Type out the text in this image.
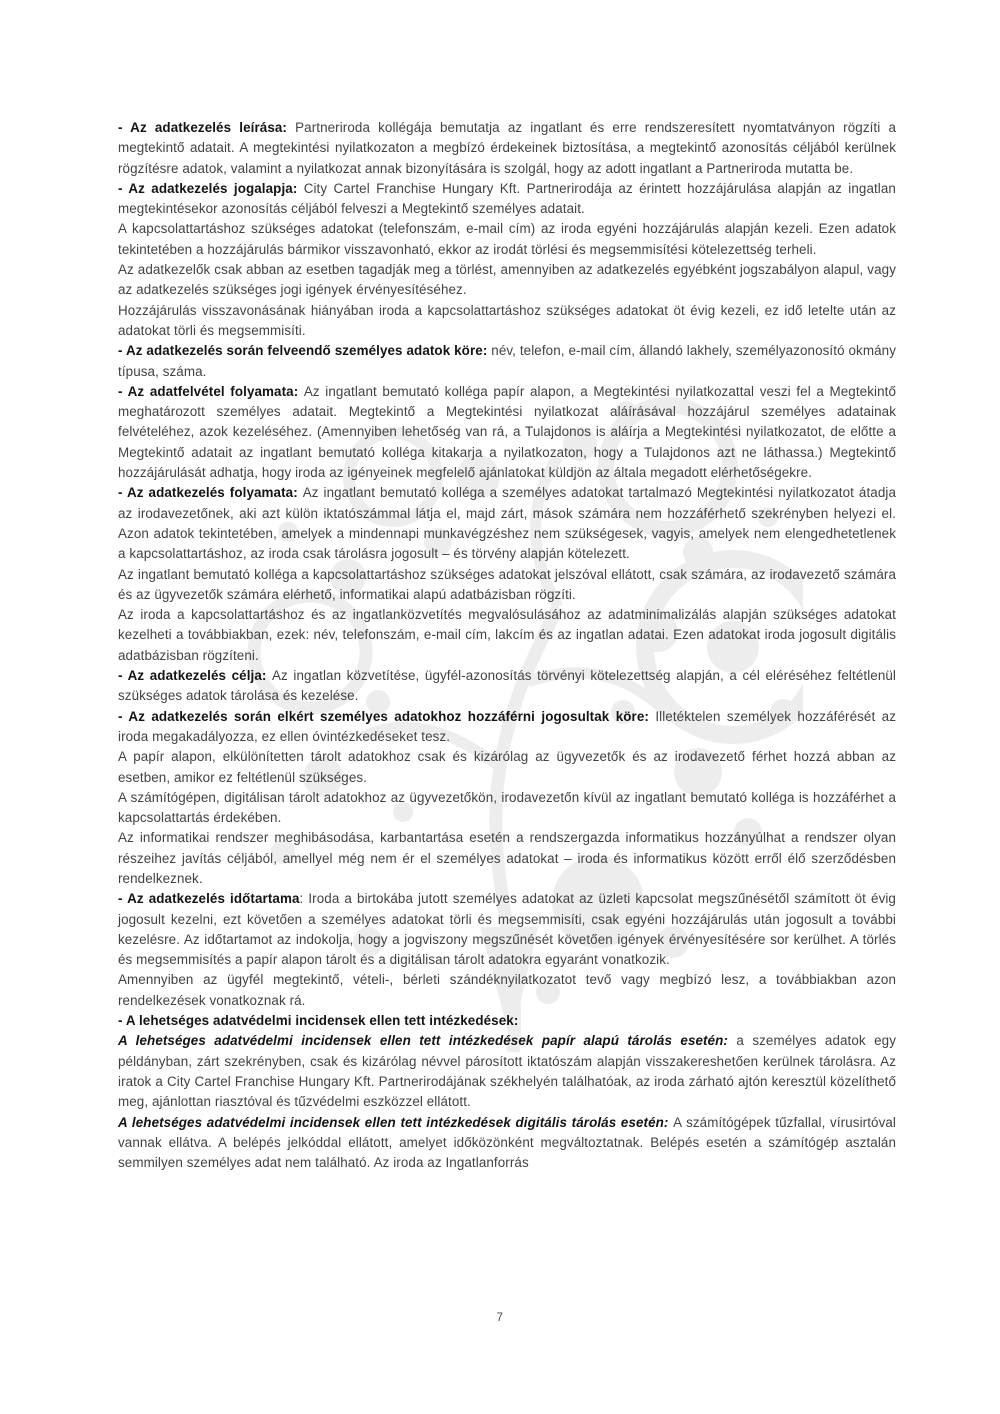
- Az adatkezelés leírása: Partneriroda kollégája bemutatja az ingatlant és erre rendszeresített nyomtatványon rögzíti a megtekintő adatait. A megtekintési nyilatkozaton a megbízó érdekeinek biztosítása, a megtekintő azonosítás céljából kerülnek rögzítésre adatok, valamint a nyilatkozat annak bizonyítására is szolgál, hogy az adott ingatlant a Partneriroda mutatta be.

- Az adatkezelés jogalapja: City Cartel Franchise Hungary Kft. Partnerirodája az érintett hozzájárulása alapján az ingatlan megtekintésekor azonosítás céljából felveszi a Megtekintő személyes adatait.

A kapcsolattartáshoz szükséges adatokat (telefonszám, e-mail cím) az iroda egyéni hozzájárulás alapján kezeli. Ezen adatok tekintetében a hozzájárulás bármikor visszavonható, ekkor az irodát törlési és megsemmisítési kötelezettség terheli.

Az adatkezelők csak abban az esetben tagadják meg a törlést, amennyiben az adatkezelés egyébként jogszabályon alapul, vagy az adatkezelés szükséges jogi igények érvényesítéséhez.

Hozzájárulás visszavonásának hiányában iroda a kapcsolattartáshoz szükséges adatokat öt évig kezeli, ez idő letelte után az adatokat törli és megsemmisíti.

- Az adatkezelés során felveendő személyes adatok köre: név, telefon, e-mail cím, állandó lakhely, személyazonosító okmány típusa, száma.

- Az adatfelvétel folyamata: Az ingatlant bemutató kolléga papír alapon, a Megtekintési nyilatkozattal veszi fel a Megtekintő meghatározott személyes adatait. Megtekintő a Megtekintési nyilatkozat aláírásával hozzájárul személyes adatainak felvételéhez, azok kezeléséhez. (Amennyiben lehetőség van rá, a Tulajdonos is aláírja a Megtekintési nyilatkozatot, de előtte a Megtekintő adatait az ingatlant bemutató kolléga kitakarja a nyilatkozaton, hogy a Tulajdonos azt ne láthassa.) Megtekintő hozzájárulását adhatja, hogy iroda az igényeinek megfelelő ajánlatokat küldjön az általa megadott elérhetőségekre.

- Az adatkezelés folyamata: Az ingatlant bemutató kolléga a személyes adatokat tartalmazó Megtekintési nyilatkozatot átadja az irodavezetőnek, aki azt külön iktatószámmal látja el, majd zárt, mások számára nem hozzáférhető szekrényben helyezi el. Azon adatok tekintetében, amelyek a mindennapi munkavégzéshez nem szükségesek, vagyis, amelyek nem elengedhetetlenek a kapcsolattartáshoz, az iroda csak tárolásra jogosult – és törvény alapján kötelezett.

Az ingatlant bemutató kolléga a kapcsolattartáshoz szükséges adatokat jelszóval ellátott, csak számára, az irodavezető számára és az ügyvezetők számára elérhető, informatikai alapú adatbázisban rögzíti.

Az iroda a kapcsolattartáshoz és az ingatlanközvetítés megvalósulásához az adatminimalizálás alapján szükséges adatokat kezelheti a továbbiakban, ezek: név, telefonszám, e-mail cím, lakcím és az ingatlan adatai. Ezen adatokat iroda jogosult digitális adatbázisban rögzíteni.

- Az adatkezelés célja: Az ingatlan közvetítése, ügyfél-azonosítás törvényi kötelezettség alapján, a cél eléréséhez feltétlenül szükséges adatok tárolása és kezelése.

- Az adatkezelés során elkért személyes adatokhoz hozzáférni jogosultak köre: Illetéktelen személyek hozzáférését az iroda megakadályozza, ez ellen óvintézkedéseket tesz.

A papír alapon, elkülönítetten tárolt adatokhoz csak és kizárólag az ügyvezetők és az irodavezető férhet hozzá abban az esetben, amikor ez feltétlenül szükséges.

A számítógépen, digitálisan tárolt adatokhoz az ügyvezetőkön, irodavezetőn kívül az ingatlant bemutató kolléga is hozzáférhet a kapcsolattartás érdekében.

Az informatikai rendszer meghibásodása, karbantartása esetén a rendszergazda informatikus hozzányúlhat a rendszer olyan részeihez javítás céljából, amellyel még nem ér el személyes adatokat – iroda és informatikus között erről élő szerződésben rendelkeznek.

- Az adatkezelés időtartama: Iroda a birtokába jutott személyes adatokat az üzleti kapcsolat megszűnésétől számított öt évig jogosult kezelni, ezt követően a személyes adatokat törli és megsemmisíti, csak egyéni hozzájárulás után jogosult a további kezelésre. Az időtartamot az indokolja, hogy a jogviszony megszűnését követően igények érvényesítésére sor kerülhet. A törlés és megsemmisítés a papír alapon tárolt és a digitálisan tárolt adatokra egyaránt vonatkozik.

Amennyiben az ügyfél megtekintő, vételi-, bérleti szándéknyilatkozatot tevő vagy megbízó lesz, a továbbiakban azon rendelkezések vonatkoznak rá.

- A lehetséges adatvédelmi incidensek ellen tett intézkedések:

A lehetséges adatvédelmi incidensek ellen tett intézkedések papír alapú tárolás esetén: a személyes adatok egy példányban, zárt szekrényben, csak és kizárólag névvel párosított iktatószám alapján visszakereshetően kerülnek tárolásra. Az iratok a City Cartel Franchise Hungary Kft. Partnerirodájának székhelyén találhatóak, az iroda zárható ajtón keresztül közelíthető meg, ajánlottan riasztóval és tűzvédelmi eszközzel ellátott.

A lehetséges adatvédelmi incidensek ellen tett intézkedések digitális tárolás esetén: A számítógépek tűzfallal, vírusirtóval vannak ellátva. A belépés jelkóddal ellátott, amelyet időközönként megváltoztatnak. Belépés esetén a számítógép asztalán semmilyen személyes adat nem található. Az iroda az Ingatlanforrás

7
